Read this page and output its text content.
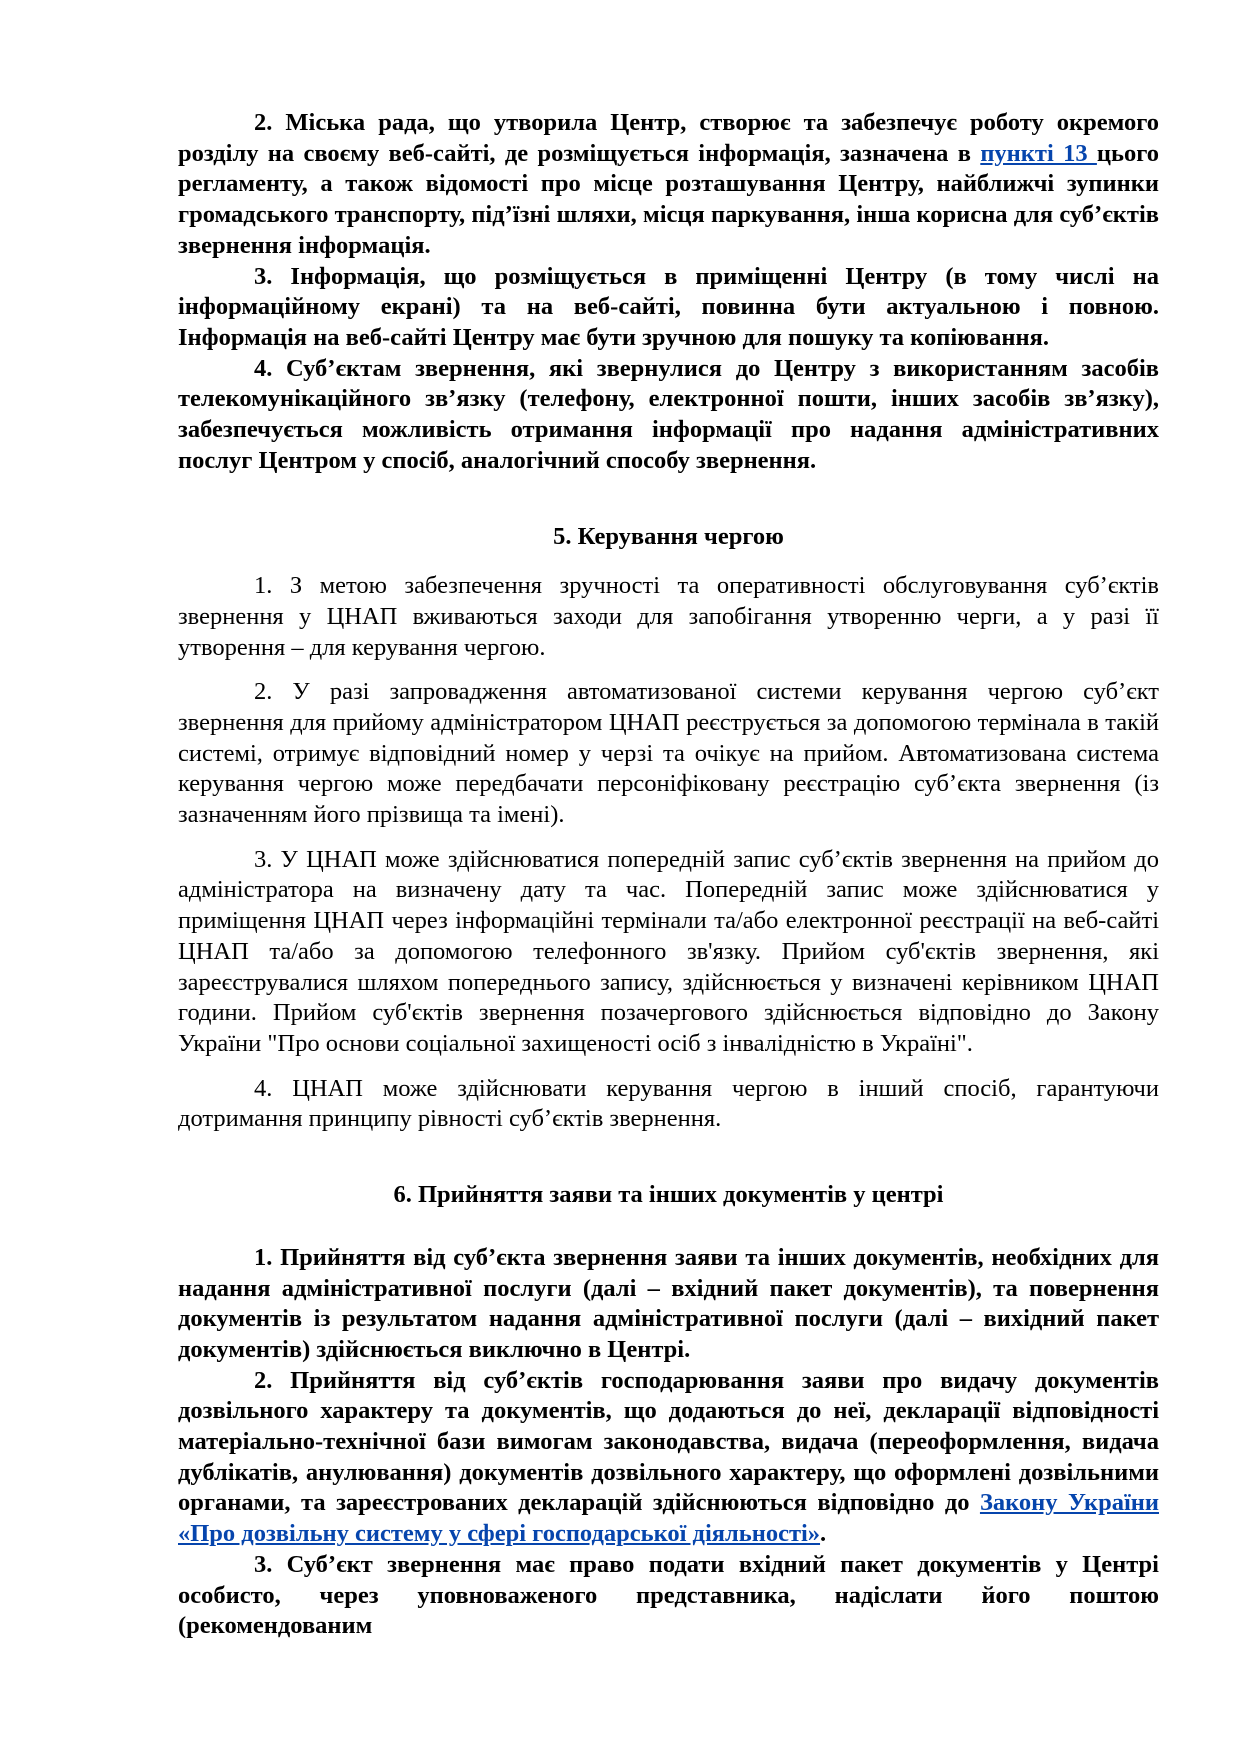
2. Міська рада, що утворила Центр, створює та забезпечує роботу окремого розділу на своєму веб-сайті, де розміщується інформація, зазначена в пункті 13 цього регламенту, а також відомості про місце розташування Центру, найближчі зупинки громадського транспорту, під’їзні шляхи, місця паркування, інша корисна для суб’єктів звернення інформація.

3. Інформація, що розміщується в приміщенні Центру (в тому числі на інформаційному екрані) та на веб-сайті, повинна бути актуальною і повною. Інформація на веб-сайті Центру має бути зручною для пошуку та копіювання.

4. Суб’єктам звернення, які звернулися до Центру з використанням засобів телекомунікаційного зв’язку (телефону, електронної пошти, інших засобів зв’язку), забезпечується можливість отримання інформації про надання адміністративних послуг Центром у спосіб, аналогічний способу звернення.

5. Керування чергою

1. З метою забезпечення зручності та оперативності обслуговування суб’єктів звернення у ЦНАП вживаються заходи для запобігання утворенню черги, а у разі її утворення – для керування чергою.

2. У разі запровадження автоматизованої системи керування чергою суб’єкт звернення для прийому адміністратором ЦНАП реєструється за допомогою термінала в такій системі, отримує відповідний номер у черзі та очікує на прийом. Автоматизована система керування чергою може передбачати персоніфіковану реєстрацію суб’єкта звернення (із зазначенням його прізвища та імені).

3. У ЦНАП може здійснюватися попередній запис суб’єктів звернення на прийом до адміністратора на визначену дату та час. Попередній запис може здійснюватися у приміщення ЦНАП через інформаційні термінали та/або електронної реєстрації на веб-сайті ЦНАП та/або за допомогою телефонного зв'язку. Прийом суб'єктів звернення, які зареєструвалися шляхом попереднього запису, здійснюється у визначені керівником ЦНАП години. Прийом суб'єктів звернення позачергового здійснюється відповідно до Закону України "Про основи соціальної захищеності осіб з інвалідністю в Україні".

4. ЦНАП може здійснювати керування чергою в інший спосіб, гарантуючи дотримання принципу рівності суб’єктів звернення.

6. Прийняття заяви та інших документів у центрі

1. Прийняття від суб’єкта звернення заяви та інших документів, необхідних для надання адміністративної послуги (далі – вхідний пакет документів), та повернення документів із результатом надання адміністративної послуги (далі – вихідний пакет документів) здійснюється виключно в Центрі.

2. Прийняття від суб’єктів господарювання заяви про видачу документів дозвільного характеру та документів, що додаються до неї, декларації відповідності матеріально-технічної бази вимогам законодавства, видача (переоформлення, видача дублікатів, анулювання) документів дозвільного характеру, що оформлені дозвільними органами, та зареєстрованих декларацій здійснюються відповідно до Закону України «Про дозвільну систему у сфері господарської діяльності».

3. Суб’єкт звернення має право подати вхідний пакет документів у Центрі особисто, через уповноваженого представника, надіслати його поштою (рекомендованим
